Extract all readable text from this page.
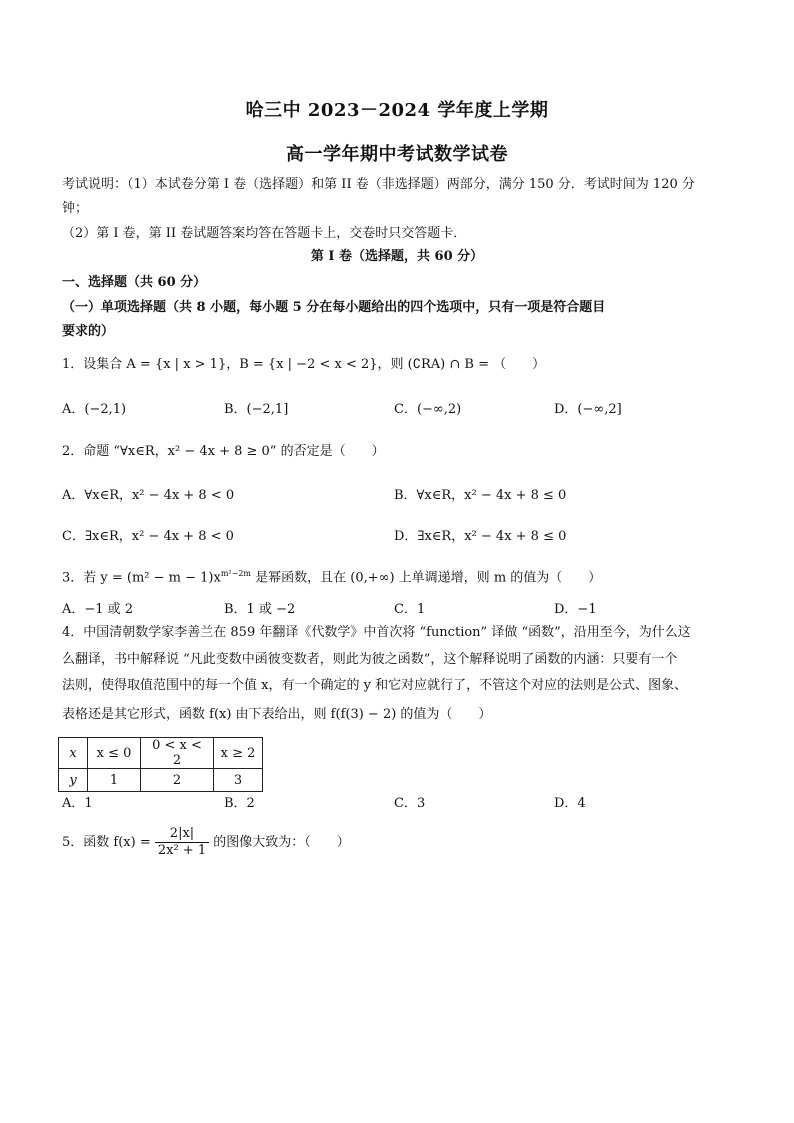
哈三中 2023－2024 学年度上学期
高一学年期中考试数学试卷
考试说明：（1）本试卷分第 I 卷（选择题）和第 II 卷（非选择题）两部分，满分 150 分．考试时间为 120 分
钟；
（2）第 I 卷，第 II 卷试题答案均答在答题卡上，交卷时只交答题卡．
第 I 卷（选择题，共 60 分）
一、选择题（共 60 分）
（一）单项选择题（共 8 小题，每小题 5 分在每小题给出的四个选项中，只有一项是符合题目
要求的）
1．设集合 A = {x | x > 1}，B = {x | −2 < x < 2}，则 (∁RA) ∩ B = （　　）
A．(−2,1)	B．(−2,1]	C．(−∞,2)	D．(−∞,2]
2．命题 “∀x∈R，x² − 4x + 8 ≥ 0” 的否定是（　　）
A．∀x∈R，x² − 4x + 8 < 0	B．∀x∈R，x² − 4x + 8 ≤ 0
C．∃x∈R，x² − 4x + 8 < 0	D．∃x∈R，x² − 4x + 8 ≤ 0
3．若 $y = (m^2 - m - 1)x^{m^2-2m}$ 是幂函数，且在 (0,+∞) 上单调递增，则 m 的值为（　　）
A．−1 或 2	B．1 或 −2	C．1	D．−1
4．中国清朝数学家李善兰在 859 年翻译《代数学》中首次将 “function” 译做 “函数”，沿用至今，为什么这
么翻译，书中解释说 “凡此变数中函彼变数者，则此为彼之函数”，这个解释说明了函数的内涵：只要有一个
法则，使得取值范围中的每一个值 x，有一个确定的 y 和它对应就行了，不管这个对应的法则是公式、图象、
表格还是其它形式，函数 f(x) 由下表给出，则 f(f(3) − 2) 的值为（　　）
x	x ≤ 0	0 < x < 2	x ≥ 2
y	1	2	3
A．1	B．2	C．3	D．4
5．函数 $f(x) = \frac{2|x|}{\text{2x² + 1}}$ 的图像大致为：（　　）
